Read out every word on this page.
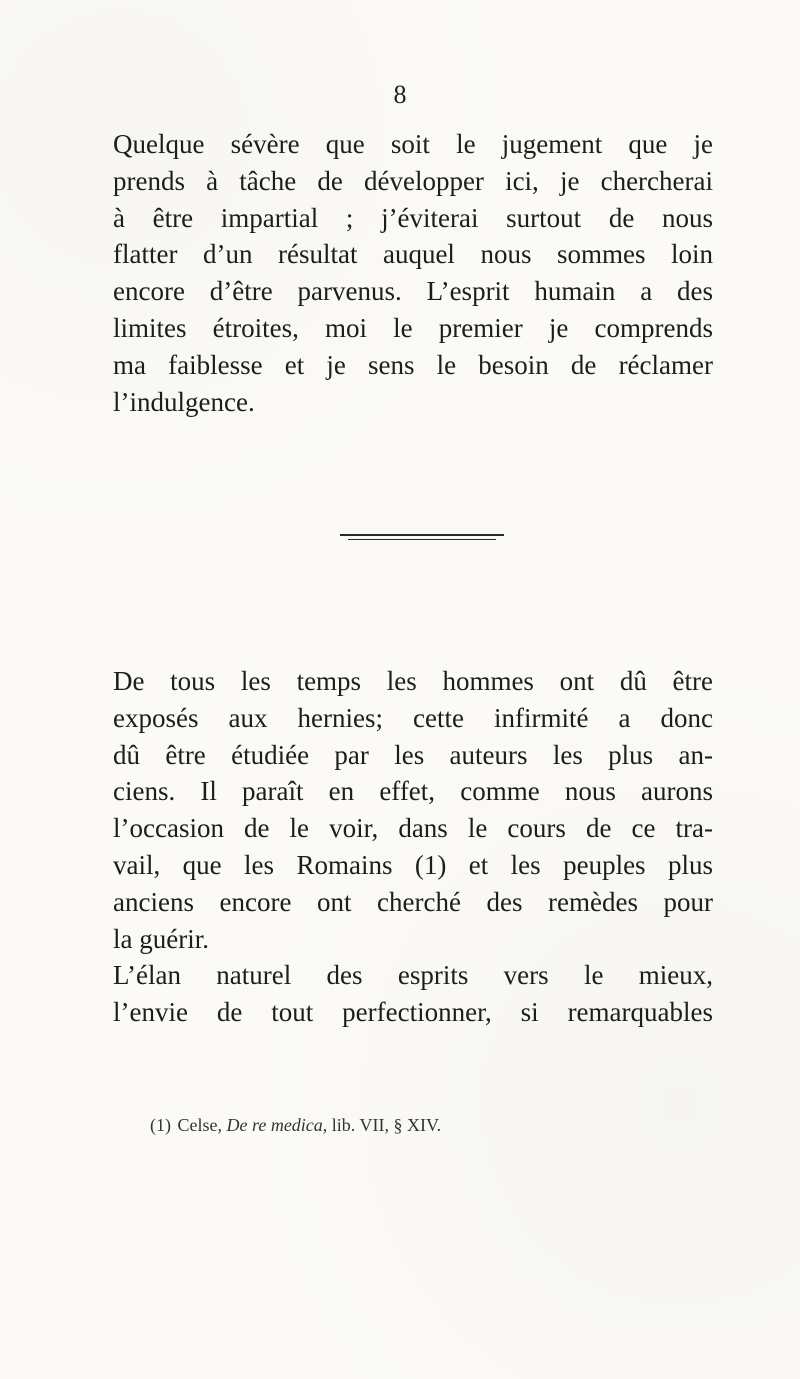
8
Quelque sévère que soit le jugement que je
prends à tâche de développer ici, je chercherai
à être impartial ; j’éviterai surtout de nous
flatter d’un résultat auquel nous sommes loin
encore d’être parvenus. L’esprit humain a des
limites étroites, moi le premier je comprends
ma faiblesse et je sens le besoin de réclamer
l’indulgence.
De tous les temps les hommes ont dû être
exposés aux hernies; cette infirmité a donc
dû être étudiée par les auteurs les plus an-
ciens. Il paraît en effet, comme nous aurons
l’occasion de le voir, dans le cours de ce tra-
vail, que les Romains (1) et les peuples plus
anciens encore ont cherché des remèdes pour
la guérir.
L’élan naturel des esprits vers le mieux,
l’envie de tout perfectionner, si remarquables
(1) Celse, De re medica, lib. VII, § XIV.
